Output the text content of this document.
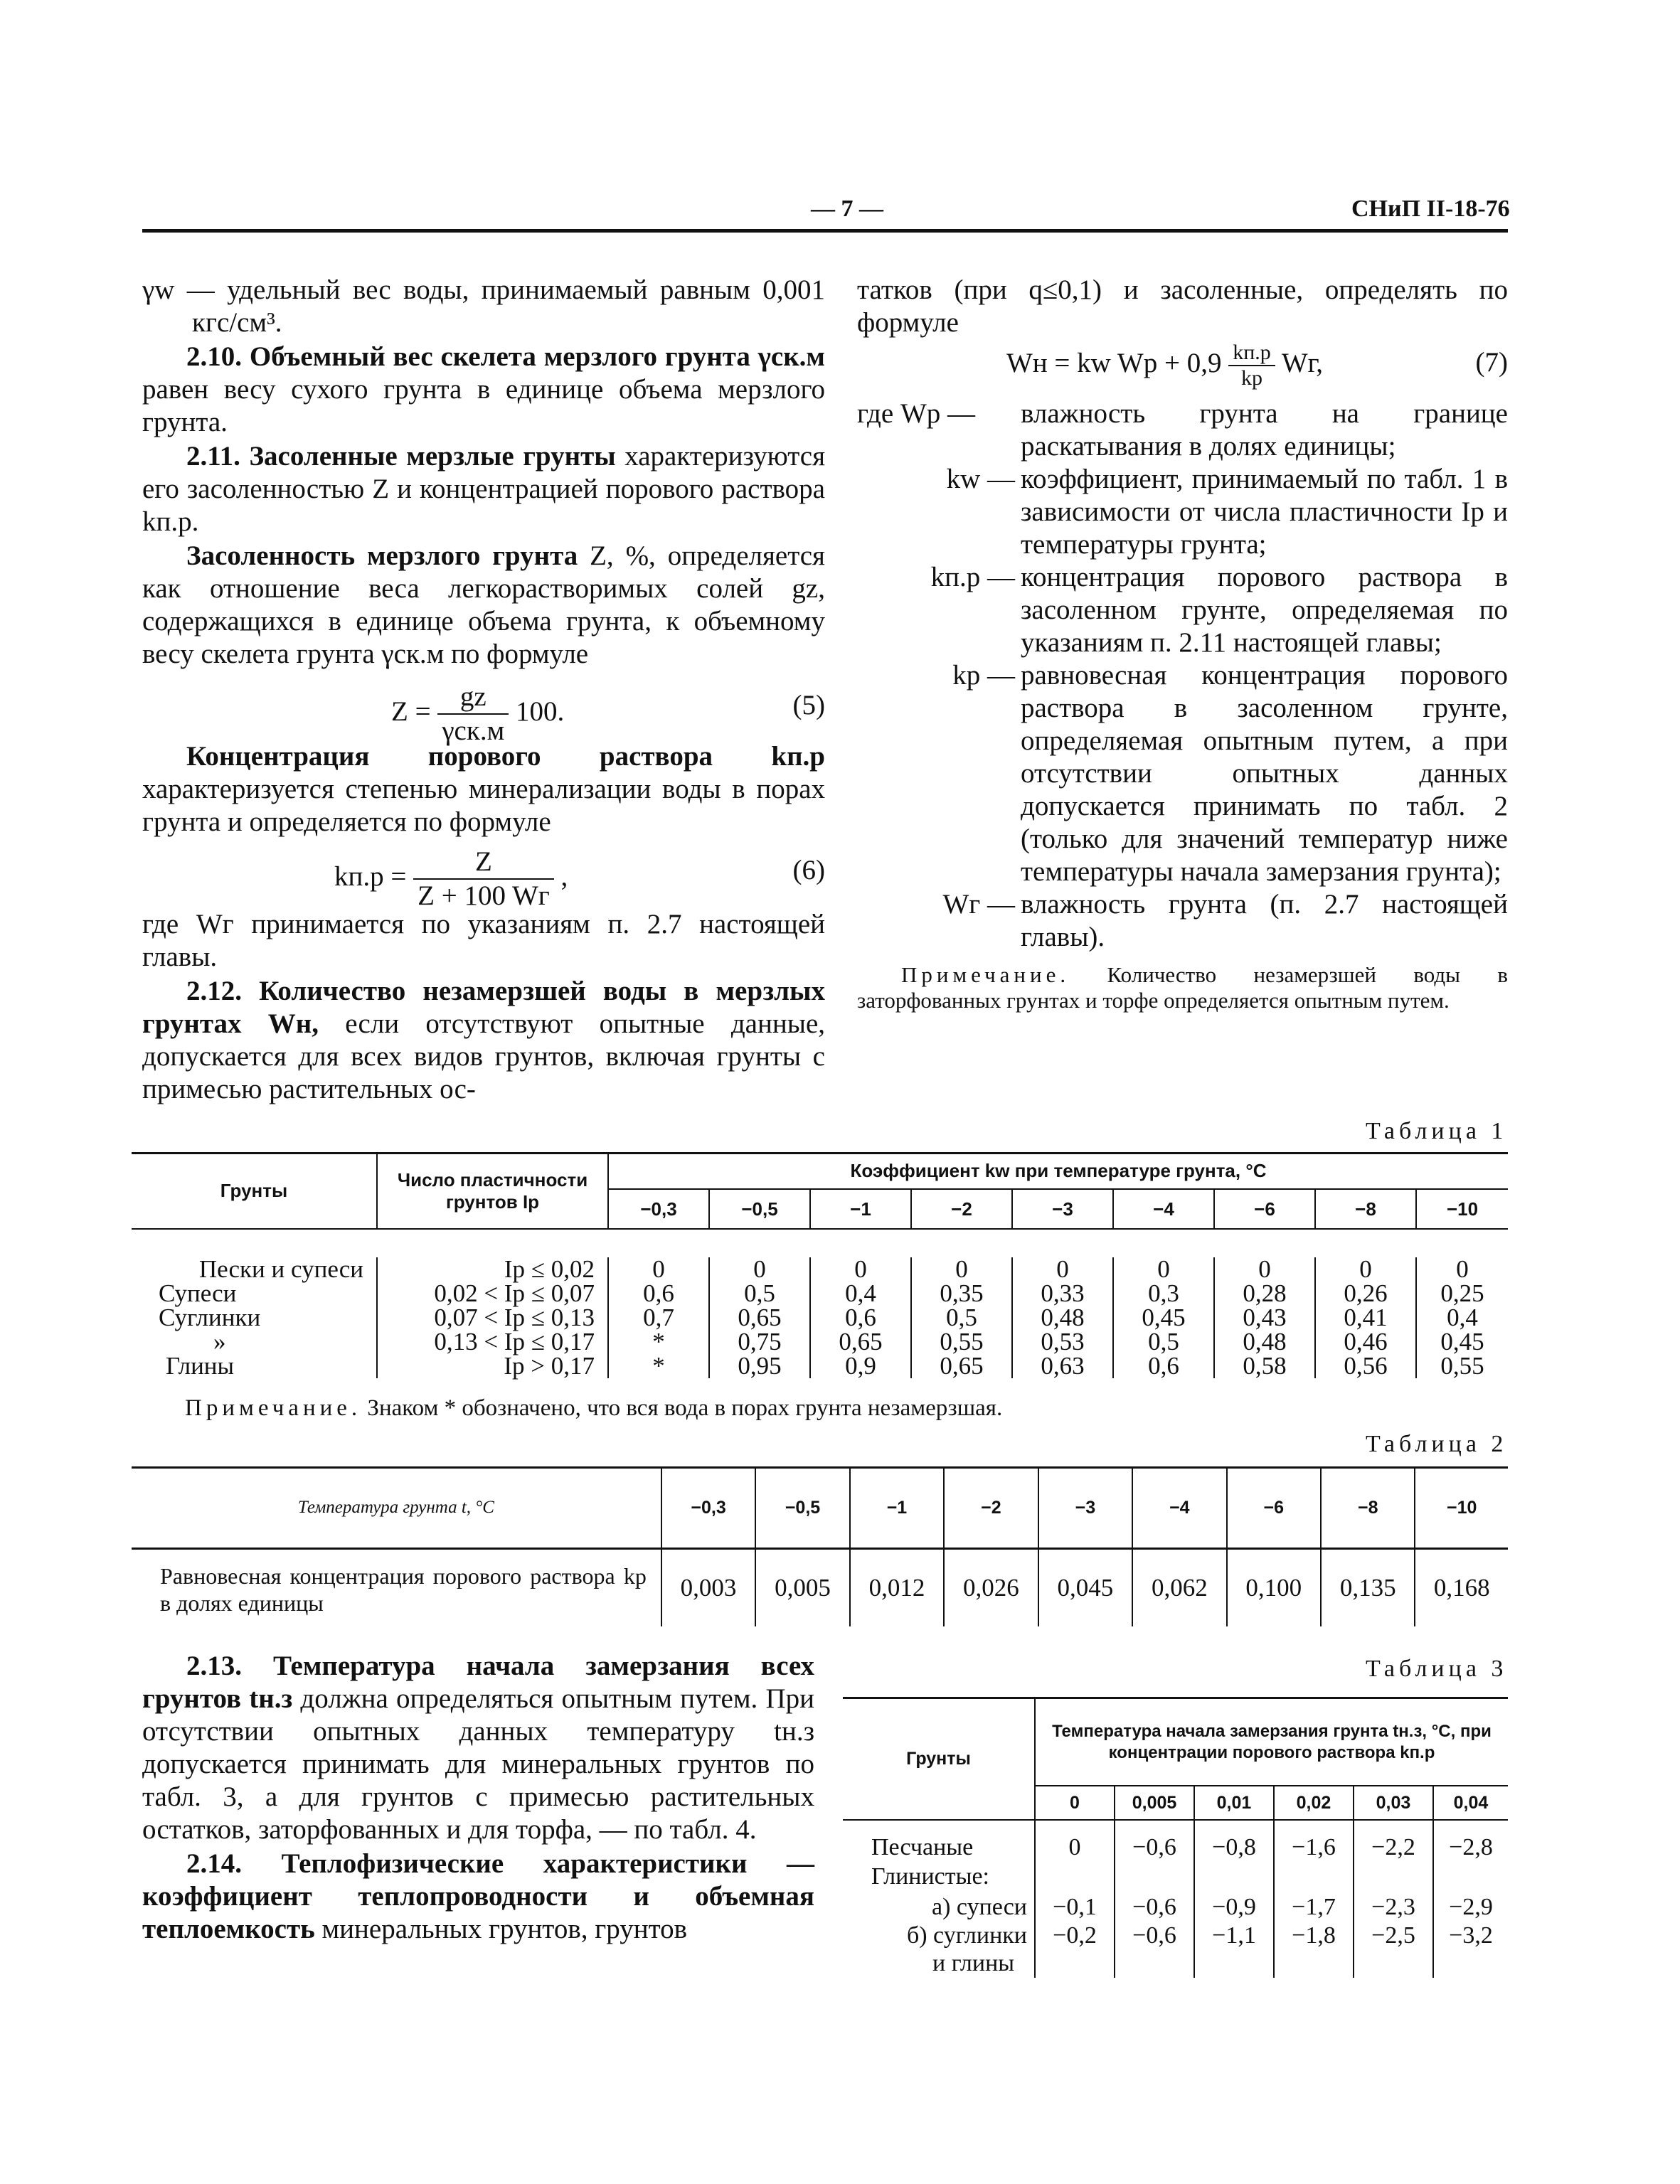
— 7 —	СНиП II-18-76

γw — удельный вес воды, принимаемый равным 0,001 кгс/см³.

2.10. Объемный вес скелета мерзлого грунта γск.м равен весу сухого грунта в единице объема мерзлого грунта.

2.11. Засоленные мерзлые грунты характеризуются его засоленностью Z и концентрацией порового раствора kп.р.

Засоленность мерзлого грунта Z, %, определяется как отношение веса легкорастворимых солей gz, содержащихся в единице объема грунта, к объемному весу скелета грунта γск.м по формуле

$Z = \frac{gz}{\text{γск.м}} 100$.	(5)

Концентрация порового раствора kп.р характеризуется степенью минерализации воды в порах грунта и определяется по формуле

$kп.р = \frac{Z}{Z + 100 Wг}$ ,	(6)

где Wг принимается по указаниям п. 2.7 настоящей главы.

2.12. Количество незамерзшей воды в мерзлых грунтах Wн, если отсутствуют опытные данные, допускается для всех видов грунтов, включая грунты с примесью растительных ос-

татков (при q≤0,1) и засоленные, определять по формуле

Wн = kw $Wp + 0,9 \frac{kп.р}{kp}$ Wг,	(7)
где Wp —	влажность грунта на границе раскатывания в долях единицы;
kw — коэффициент, принимаемый по табл. 1 в зависимости от числа пластичности Ip и температуры грунта;
kп.р — концентрация порового раствора в засоленном грунте, определяемая по указаниям п. 2.11 настоящей главы;
kp — равновесная концентрация порового раствора в засоленном грунте, определяемая опытным путем, а при отсутствии опытных данных допускается принимать по табл. 2 (только для значений температур ниже температуры начала замерзания грунта);
Wг — влажность грунта (п. 2.7 настоящей главы).

Примечание. Количество незамерзшей воды в заторфованных грунтах и торфе определяется опытным путем.

Таблица 1
Грунты	Число пластичности грунтов Ip	Коэффициент kw при температуре грунта, °С								
		−0,3	−0,5	−1	−2	−3	−4	−6	−8	−10

Пески и супеси	Ip ≤ 0,02	0	0	0	0	0	0	0	0	0
Супеси	0,02 < Ip ≤ 0,07	0,6	0,5	0,4	0,35	0,33	0,3	0,28	0,26	0,25
Суглинки	0,07 < Ip ≤ 0,13	0,7	0,65	0,6	0,5	0,48	0,45	0,43	0,41	0,4
»	0,13 < Ip ≤ 0,17	*	0,75	0,65	0,55	0,53	0,5	0,48	0,46	0,45
Глины	Ip > 0,17	*	0,95	0,9	0,65	0,63	0,6	0,58	0,56	0,55
Примечание. Знаком * обозначено, что вся вода в порах грунта незамерзшая.
Таблица 2
Температура грунта t, °С	−0,3	−0,5	−1	−2	−3	−4	−6	−8	−10
Равновесная концентрация порового раствора kp в долях единицы	0,003	0,005	0,012	0,026	0,045	0,062	0,100	0,135	0,168

2.13. Температура начала замерзания всех грунтов tн.з должна определяться опытным путем. При отсутствии опытных данных температуру tн.з допускается принимать для минеральных грунтов по табл. 3, а для грунтов с примесью растительных остатков, заторфованных и для торфа, — по табл. 4.

2.14. Теплофизические характеристики — коэффициент теплопроводности и объемная теплоемкость минеральных грунтов, грунтов

Таблица 3
Грунты	Температура начала замерзания грунта tн.з, °С, при концентрации порового раствора kп.р					
	0	0,005	0,01	0,02	0,03	0,04
Песчаные	0	−0,6	−0,8	−1,6	−2,2	−2,8
Глинистые:						
а) супеси	−0,1	−0,6	−0,9	−1,7	−2,3	−2,9
б) суглинки	−0,2	−0,6	−1,1	−1,8	−2,5	−3,2
и глины						
